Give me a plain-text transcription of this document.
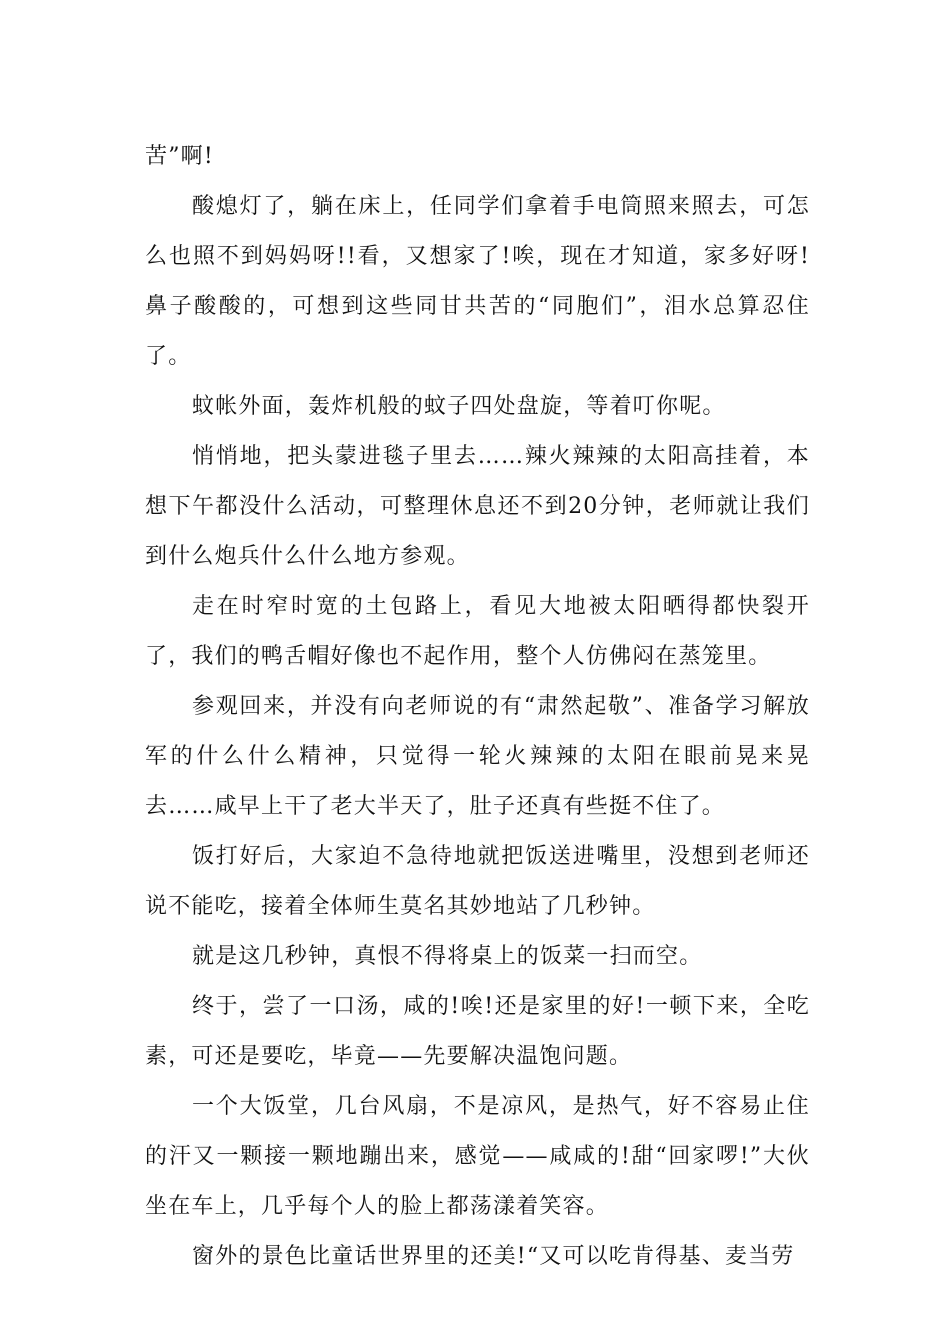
苦”啊!

酸熄灯了，躺在床上，任同学们拿着手电筒照来照去，可怎么也照不到妈妈呀!!看，又想家了!唉，现在才知道，家多好呀!鼻子酸酸的，可想到这些同甘共苦的“同胞们”，泪水总算忍住了。

蚊帐外面，轰炸机般的蚊子四处盘旋，等着叮你呢。

悄悄地，把头蒙进毯子里去……辣火辣辣的太阳高挂着，本想下午都没什么活动，可整理休息还不到20分钟，老师就让我们到什么炮兵什么什么地方参观。

走在时窄时宽的土包路上，看见大地被太阳晒得都快裂开了，我们的鸭舌帽好像也不起作用，整个人仿佛闷在蒸笼里。

参观回来，并没有向老师说的有“肃然起敬”、准备学习解放军的什么什么精神，只觉得一轮火辣辣的太阳在眼前晃来晃去……咸早上干了老大半天了，肚子还真有些挺不住了。

饭打好后，大家迫不急待地就把饭送进嘴里，没想到老师还说不能吃，接着全体师生莫名其妙地站了几秒钟。

就是这几秒钟，真恨不得将桌上的饭菜一扫而空。

终于，尝了一口汤，咸的!唉!还是家里的好!一顿下来，全吃素，可还是要吃，毕竟——先要解决温饱问题。

一个大饭堂，几台风扇，不是凉风，是热气，好不容易止住的汗又一颗接一颗地蹦出来，感觉——咸咸的!甜“回家啰!”大伙坐在车上，几乎每个人的脸上都荡漾着笑容。

窗外的景色比童话世界里的还美!“又可以吃肯得基、麦当劳
